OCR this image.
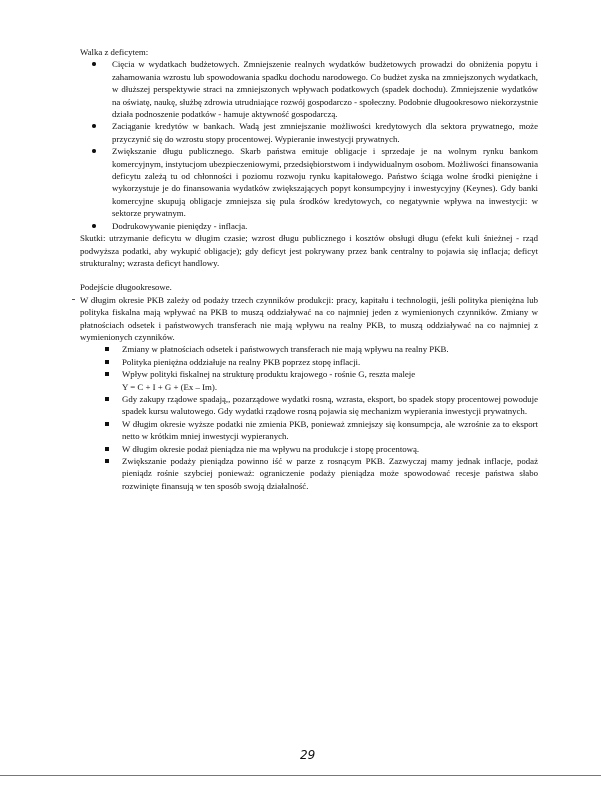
Walka z deficytem:

Cięcia w wydatkach budżetowych. Zmniejszenie realnych wydatków budżetowych prowadzi do obniżenia popytu i zahamowania wzrostu lub spowodowania spadku dochodu narodowego. Co budżet zyska na zmniejszonych wydatkach, w dłuższej perspektywie straci na zmniejszonych wpływach podatkowych (spadek dochodu). Zmniejszenie wydatków na oświatę, naukę, służbę zdrowia utrudniające rozwój gospodarczo - społeczny. Podobnie długookresowo niekorzystnie działa podnoszenie podatków - hamuje aktywność gospodarczą.
Zaciąganie kredytów w bankach. Wadą jest zmniejszanie możliwości kredytowych dla sektora prywatnego, może przyczynić się do wzrostu stopy procentowej. Wypieranie inwestycji prywatnych.
Zwiększanie długu publicznego. Skarb państwa emituje obligacje i sprzedaje je na wolnym rynku bankom komercyjnym, instytucjom ubezpieczeniowymi, przedsiębiorstwom i indywidualnym osobom. Możliwości finansowania deficytu zależą tu od chłonności i poziomu rozwoju rynku kapitałowego. Państwo ściąga wolne środki pieniężne i wykorzystuje je do finansowania wydatków zwiększających popyt konsumpcyjny i inwestycyjny (Keynes). Gdy banki komercyjne skupują obligacje zmniejsza się pula środków kredytowych, co negatywnie wpływa na inwestycji: w sektorze prywatnym.
Dodrukowywanie pieniędzy - inflacja.

Skutki: utrzymanie deficytu w długim czasie; wzrost długu publicznego i kosztów obsługi długu (efekt kuli śnieżnej - rząd podwyższa podatki, aby wykupić obligacje); gdy deficyt jest pokrywany przez bank centralny to pojawia się inflacja; deficyt strukturalny; wzrasta deficyt handlowy.

Podejście długookresowe.

W długim okresie PKB zależy od podaży trzech czynników produkcji: pracy, kapitału i technologii, jeśli polityka pieniężna lub polityka fiskalna mają wpływać na PKB to muszą oddziaływać na co najmniej jeden z wymienionych czynników. Zmiany w płatnościach odsetek i państwowych transferach nie mają wpływu na realny PKB, to muszą oddziaływać na co najmniej z wymienionych czynników.

Zmiany w płatnościach odsetek i państwowych transferach nie mają wpływu na realny PKB.
Polityka pieniężna oddziałuje na realny PKB poprzez stopę inflacji.
Wpływ polityki fiskalnej na strukturę produktu krajowego - rośnie G, reszta maleje
Y = C + I + G + (Ex – Im).
Gdy zakupy rządowe spadają,, pozarządowe wydatki rosną, wzrasta, eksport, bo spadek stopy procentowej powoduje spadek kursu walutowego. Gdy wydatki rządowe rosną pojawia się mechanizm wypierania inwestycji prywatnych.
W długim okresie wyższe podatki nie zmienia PKB, ponieważ zmniejszy się konsumpcja, ale wzrośnie za to eksport netto w krótkim mniej inwestycji wypieranych.
W długim okresie podaż pieniądza nie ma wpływu na produkcje i stopę procentową.
Zwiększanie podaży pieniądza powinno iść w parze z rosnącym PKB. Zazwyczaj mamy jednak inflacje, podaż pieniądz rośnie szybciej ponieważ: ograniczenie podaży pieniądza może spowodować recesje państwa słabo rozwinięte finansują w ten sposób swoją działalność.
29
